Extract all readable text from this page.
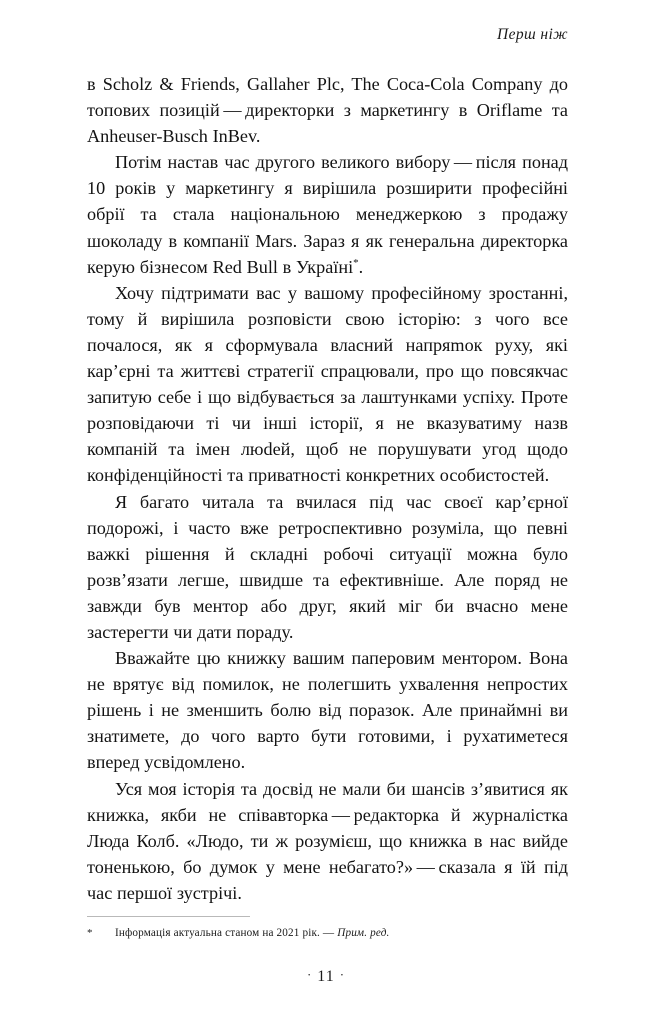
Перш ніж

в Scholz & Friends, Gallaher Plc, The Coca-Cola Company до топових позицій — директорки з маркетингу в Oriflame та Anheuser-Busch InBev.

Потім настав час другого великого вибору — після понад 10 років у маркетингу я вирішила розширити професійні обрії та стала національною менеджеркою з продажу шоколаду в компанії Mars. Зараз я як генеральна директорка керую бізнесом Red Bull в Україні*.

Хочу підтримати вас у вашому професійному зростанні, тому й вирішила розповісти свою історію: з чого все почалося, як я сформувала власний напряmок руху, які карʼєрні та життєві стратегії спрацювали, про що повсякчас запитую себе і що відбувається за лаштунками успіху. Проте розповідаючи ті чи інші історії, я не вказуватиму назв компаній та імен люdей, щоб не порушувати угод щодо конфіденційності та приватності конкретних особистостей.

Я багато читала та вчилася під час своєї карʼєрної подорожі, і часто вже ретроспективно розуміла, що певні важкі рішення й складні робочі ситуації можна було розвʼязати легше, швидше та ефективніше. Але поряд не завжди був ментор або друг, який міг би вчасно мене застерегти чи дати пораду.

Вважайте цю книжку вашим паперовим ментором. Вона не врятує від помилок, не полегшить ухвалення непростих рішень і не зменшить болю від поразок. Але принаймні ви знатимете, до чого варто бути готовими, і рухатиметеся вперед усвідомлено.

Уся моя історія та досвід не мали би шансів зʼявитися як книжка, якби не співавторка — редакторка й журналістка Люда Колб. «Людо, ти ж розумієш, що книжка в нас вийде тоненькою, бо думок у мене небагато?» — сказала я їй під час першої зустрічі.

*	Інформація актуальна станом на 2021 рік. — Прим. ред.
· 11 ·
